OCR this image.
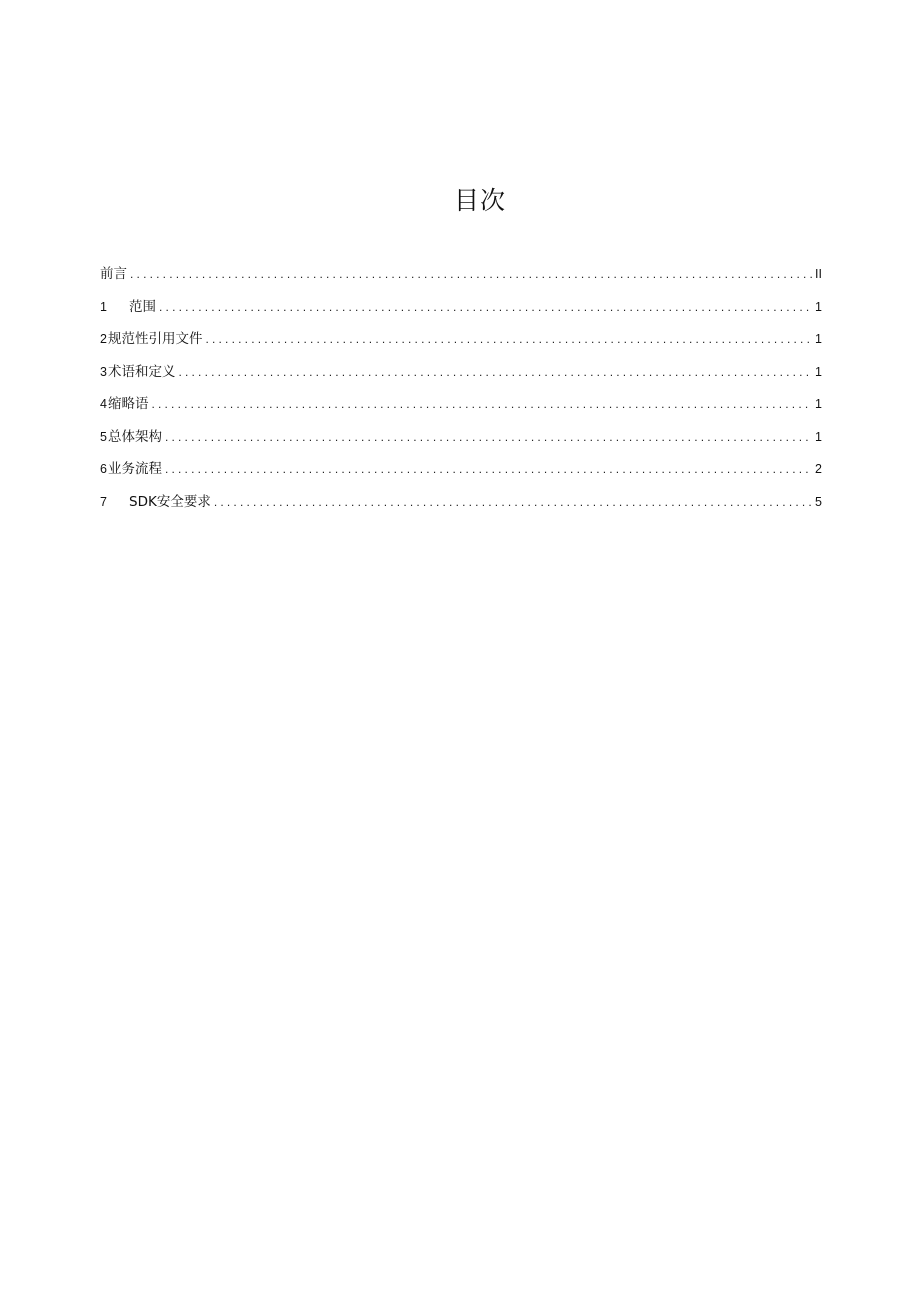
目次
前言 .....	II
1	范围 .....	1
2 规范性引用文件 .....	1
3 术语和定义 .....	1
4 缩略语 .....	1
5 总体架构 .....	1
6 业务流程 .....	2
7	SDK安全要求 .....	5
